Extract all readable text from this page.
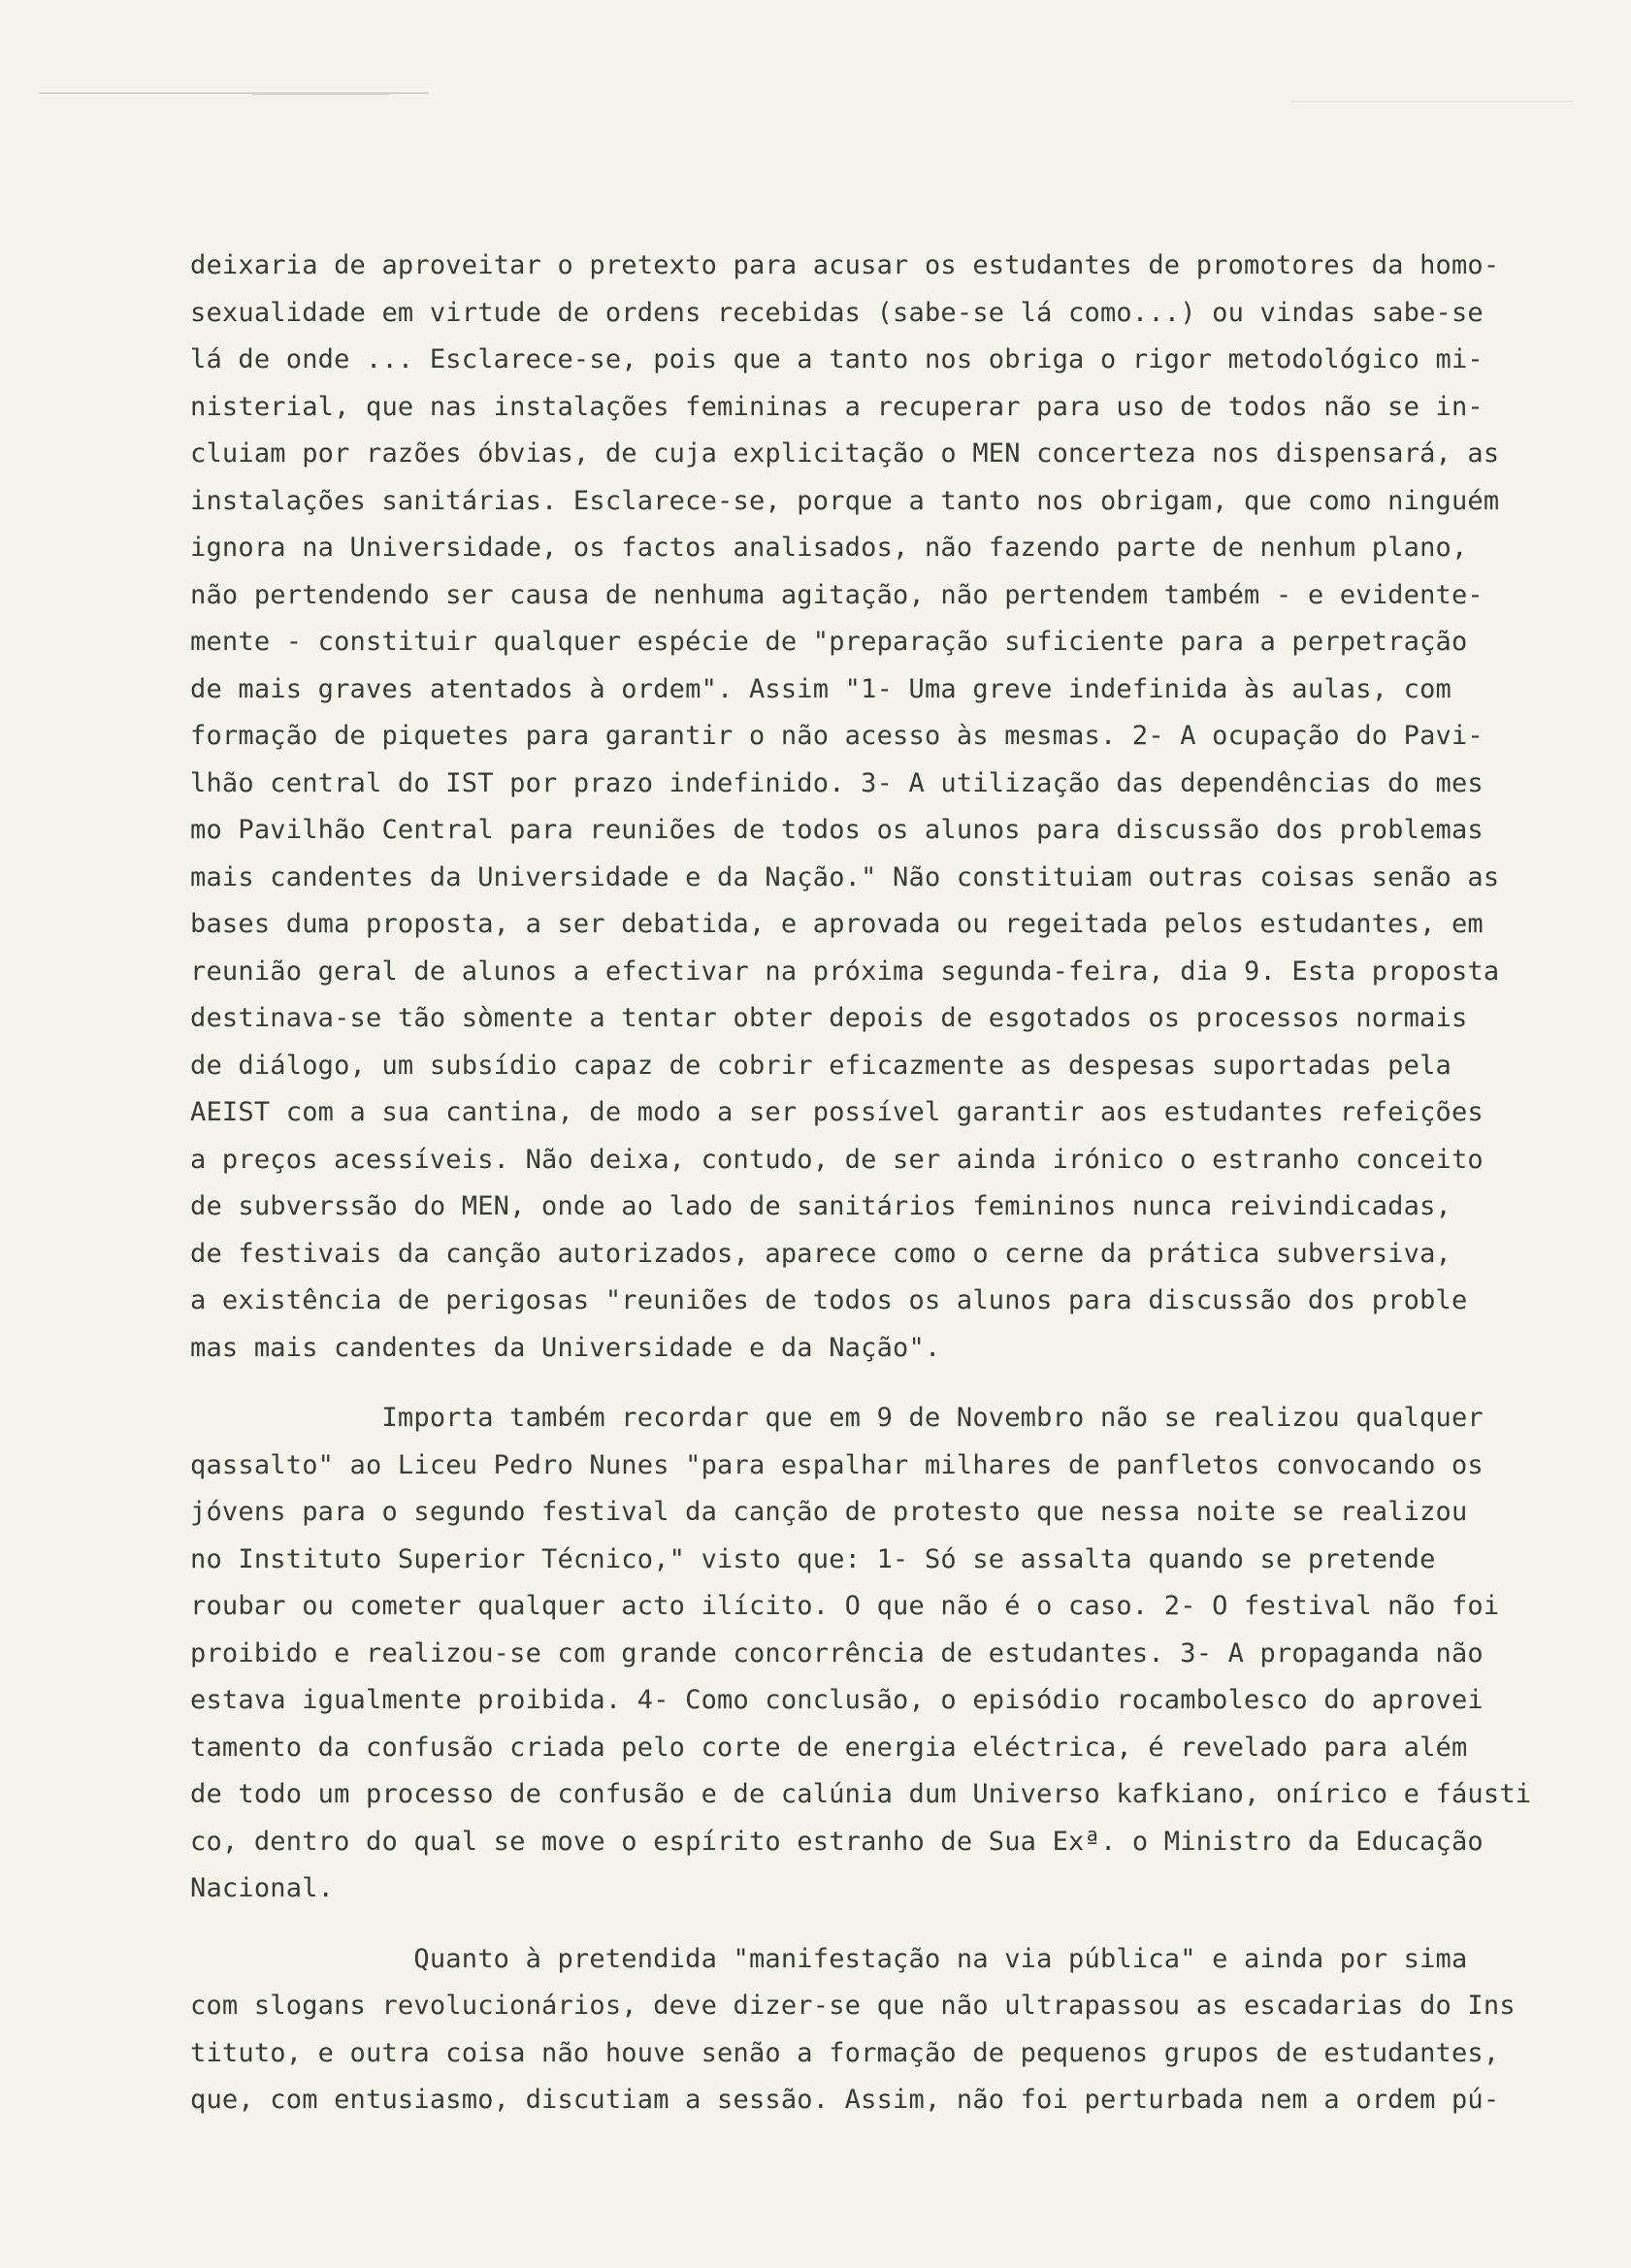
deixaria de aproveitar o pretexto para acusar os estudantes de promotores da homo-
sexualidade em virtude de ordens recebidas (sabe-se lá como...) ou vindas sabe-se
lá de onde ... Esclarece-se, pois que a tanto nos obriga o rigor metodológico mi-
nisterial, que nas instalações femininas a recuperar para uso de todos não se in-
cluiam por razões óbvias, de cuja explicitação o MEN concerteza nos dispensará, as
instalações sanitárias. Esclarece-se, porque a tanto nos obrigam, que como ninguém
ignora na Universidade, os factos analisados, não fazendo parte de nenhum plano,
não pertendendo ser causa de nenhuma agitação, não pertendem também - e evidente-
mente - constituir qualquer espécie de "preparação suficiente para a perpetração
de mais graves atentados à ordem". Assim "1- Uma greve indefinida às aulas, com
formação de piquetes para garantir o não acesso às mesmas. 2- A ocupação do Pavi-
lhão central do IST por prazo indefinido. 3- A utilização das dependências do mes
mo Pavilhão Central para reuniões de todos os alunos para discussão dos problemas
mais candentes da Universidade e da Nação." Não constituiam outras coisas senão as
bases duma proposta, a ser debatida, e aprovada ou regeitada pelos estudantes, em
reunião geral de alunos a efectivar na próxima segunda-feira, dia 9. Esta proposta
destinava-se tão sòmente a tentar obter depois de esgotados os processos normais
de diálogo, um subsídio capaz de cobrir eficazmente as despesas suportadas pela
AEIST com a sua cantina, de modo a ser possível garantir aos estudantes refeições
a preços acessíveis. Não deixa, contudo, de ser ainda irónico o estranho conceito
de subverssão do MEN, onde ao lado de sanitários femininos nunca reivindicadas,
de festivais da canção autorizados, aparece como o cerne da prática subversiva,
a existência de perigosas "reuniões de todos os alunos para discussão dos proble
mas mais candentes da Universidade e da Nação".
Importa também recordar que em 9 de Novembro não se realizou qualquer
qassalto" ao Liceu Pedro Nunes "para espalhar milhares de panfletos convocando os
jóvens para o segundo festival da canção de protesto que nessa noite se realizou
no Instituto Superior Técnico," visto que: 1- Só se assalta quando se pretende
roubar ou cometer qualquer acto ilícito. O que não é o caso. 2- O festival não foi
proibido e realizou-se com grande concorrência de estudantes. 3- A propaganda não
estava igualmente proibida. 4- Como conclusão, o episódio rocambolesco do aprovei
tamento da confusão criada pelo corte de energia eléctrica, é revelado para além
de todo um processo de confusão e de calúnia dum Universo kafkiano, onírico e fáusti
co, dentro do qual se move o espírito estranho de Sua Exª. o Ministro da Educação
Nacional.
Quanto à pretendida "manifestação na via pública" e ainda por sima
com slogans revolucionários, deve dizer-se que não ultrapassou as escadarias do Ins
tituto, e outra coisa não houve senão a formação de pequenos grupos de estudantes,
que, com entusiasmo, discutiam a sessão. Assim, não foi perturbada nem a ordem pú-
